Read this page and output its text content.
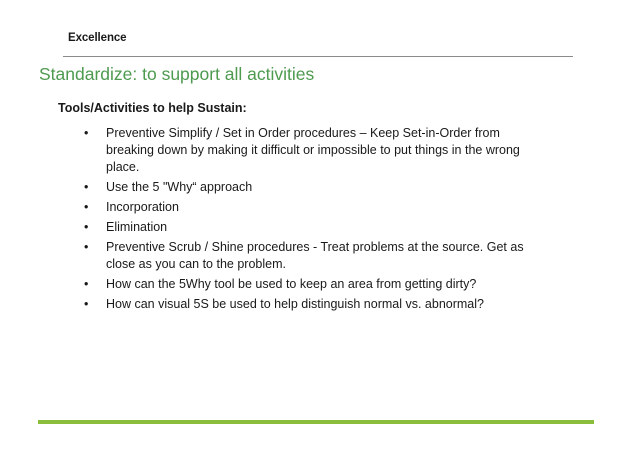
Excellence
Standardize: to support all activities
Tools/Activities to help Sustain:
• Preventive Simplify / Set in Order procedures – Keep Set-in-Order from breaking down by making it difficult or impossible to put things in the wrong place.
• Use the 5 "Why“ approach
• Incorporation
• Elimination
• Preventive Scrub / Shine procedures - Treat problems at the source. Get as close as you can to the problem.
• How can the 5Why tool be used to keep an area from getting dirty?
• How can visual 5S be used to help distinguish normal vs. abnormal?
